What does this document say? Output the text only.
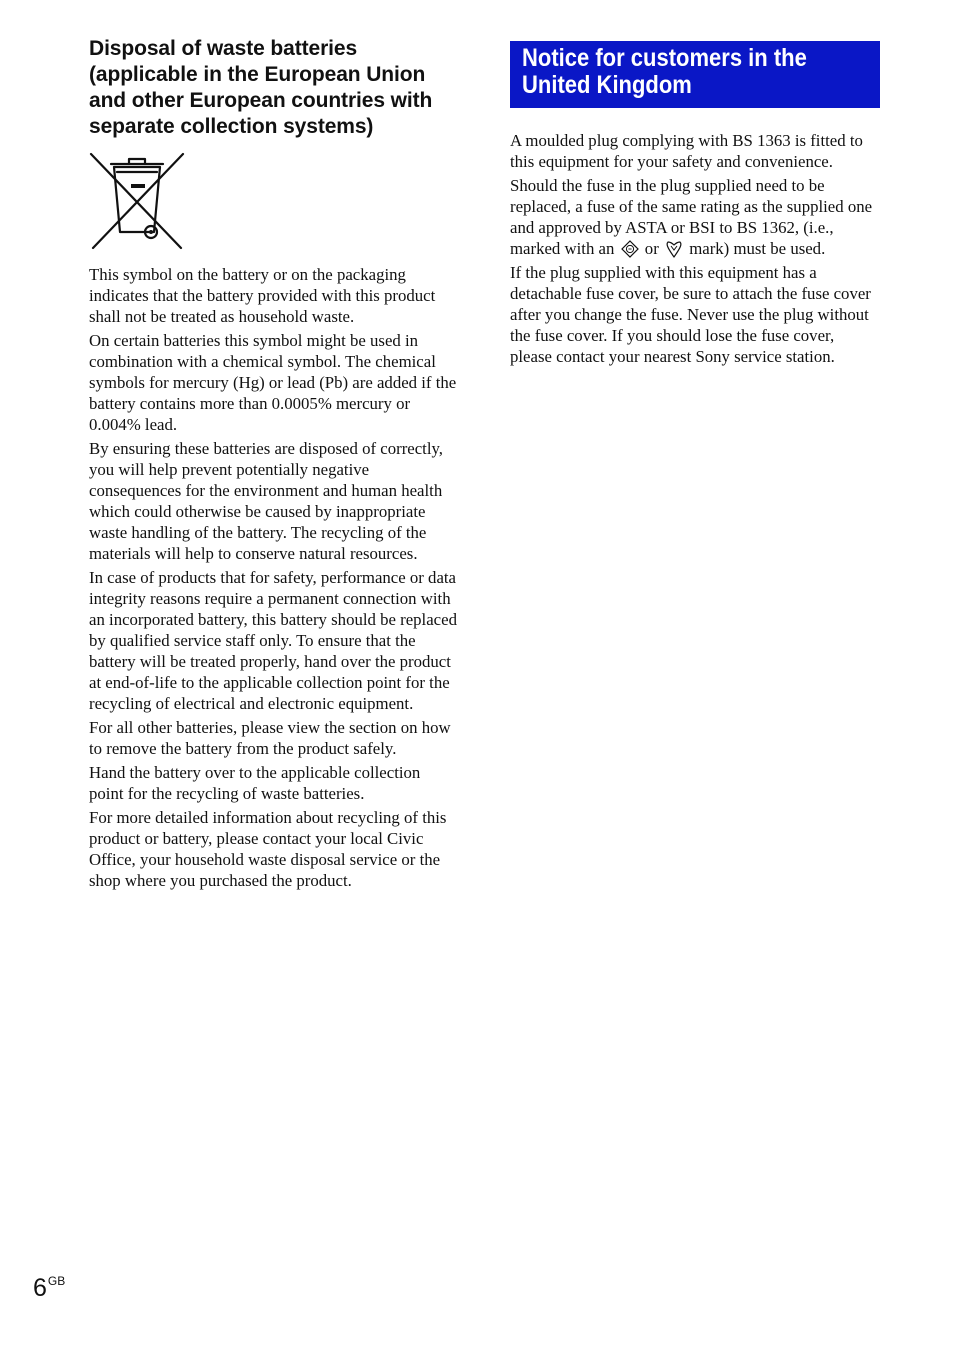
Disposal of waste batteries
(applicable in the European Union
and other European countries with
separate collection systems)

This symbol on the battery or on the packaging indicates that the battery provided with this product shall not be treated as household waste.

On certain batteries this symbol might be used in combination with a chemical symbol. The chemical symbols for mercury (Hg) or lead (Pb) are added if the battery contains more than 0.0005% mercury or 0.004% lead.

By ensuring these batteries are disposed of correctly, you will help prevent potentially negative consequences for the environment and human health which could otherwise be caused by inappropriate waste handling of the battery. The recycling of the materials will help to conserve natural resources.

In case of products that for safety, performance or data integrity reasons require a permanent connection with an incorporated battery, this battery should be replaced by qualified service staff only. To ensure that the battery will be treated properly, hand over the product at end-of-life to the applicable collection point for the recycling of electrical and electronic equipment.

For all other batteries, please view the section on how to remove the battery from the product safely.

Hand the battery over to the applicable collection point for the recycling of waste batteries.

For more detailed information about recycling of this product or battery, please contact your local Civic Office, your household waste disposal service or the shop where you purchased the product.

Notice for customers in the
United Kingdom

A moulded plug complying with BS 1363 is fitted to this equipment for your safety and convenience.

Should the fuse in the plug supplied need to be replaced, a fuse of the same rating as the supplied one and approved by ASTA or BSI to BS 1362, (i.e., marked with an or mark) must be used.

If the plug supplied with this equipment has a detachable fuse cover, be sure to attach the fuse cover after you change the fuse. Never use the plug without the fuse cover. If you should lose the fuse cover, please contact your nearest Sony service station.

$6^{GB}$
